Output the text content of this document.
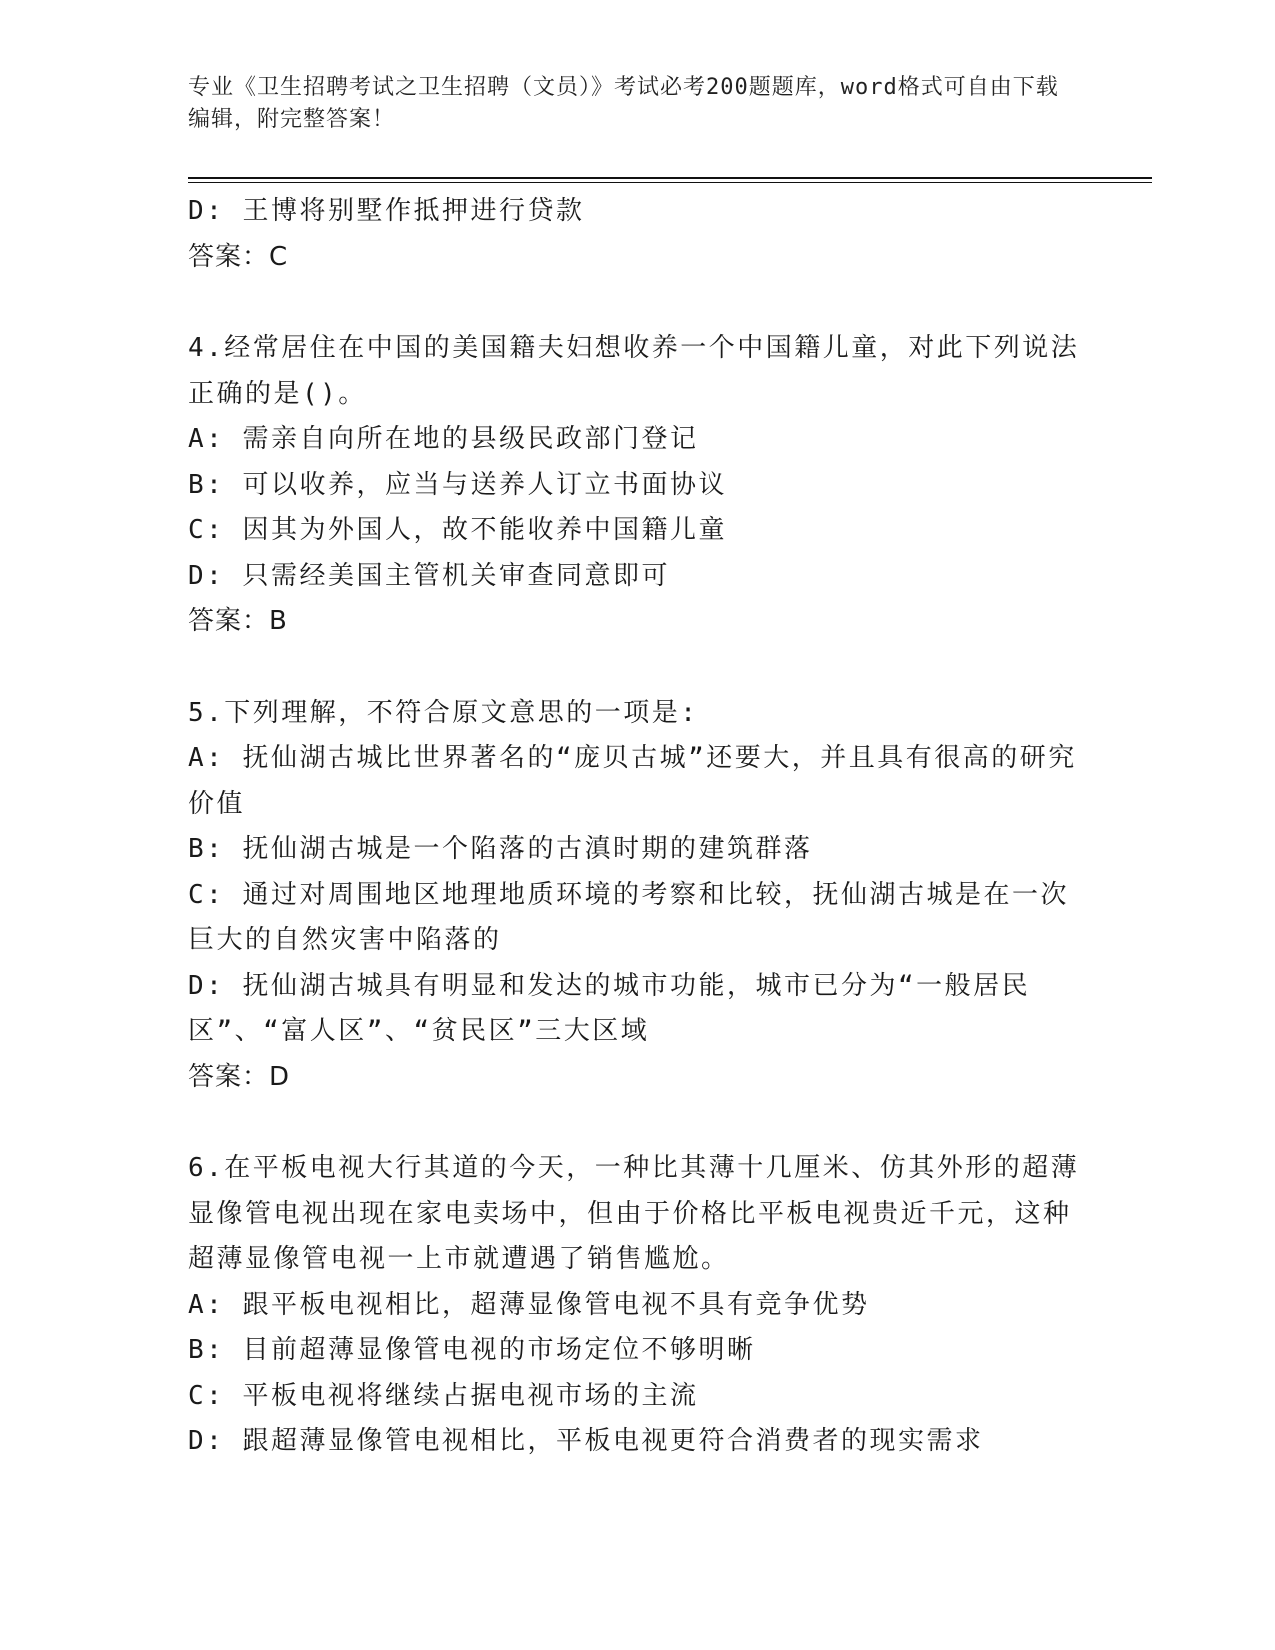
专业《卫生招聘考试之卫生招聘（文员）》考试必考200题题库，word格式可自由下载编辑，附完整答案！

D: 王博将别墅作抵押进行贷款

答案：C

4.经常居住在中国的美国籍夫妇想收养一个中国籍儿童，对此下列说法正确的是()。

A: 需亲自向所在地的县级民政部门登记

B: 可以收养，应当与送养人订立书面协议

C: 因其为外国人，故不能收养中国籍儿童

D: 只需经美国主管机关审查同意即可

答案：B

5.下列理解，不符合原文意思的一项是:

A: 抚仙湖古城比世界著名的“庞贝古城”还要大，并且具有很高的研究价值

B: 抚仙湖古城是一个陷落的古滇时期的建筑群落

C: 通过对周围地区地理地质环境的考察和比较，抚仙湖古城是在一次巨大的自然灾害中陷落的

D: 抚仙湖古城具有明显和发达的城市功能，城市已分为“一般居民区”、“富人区”、“贫民区”三大区域

答案：D

6.在平板电视大行其道的今天，一种比其薄十几厘米、仿其外形的超薄显像管电视出现在家电卖场中，但由于价格比平板电视贵近千元，这种超薄显像管电视一上市就遭遇了销售尴尬。

A: 跟平板电视相比，超薄显像管电视不具有竞争优势

B: 目前超薄显像管电视的市场定位不够明晰

C: 平板电视将继续占据电视市场的主流

D: 跟超薄显像管电视相比，平板电视更符合消费者的现实需求
